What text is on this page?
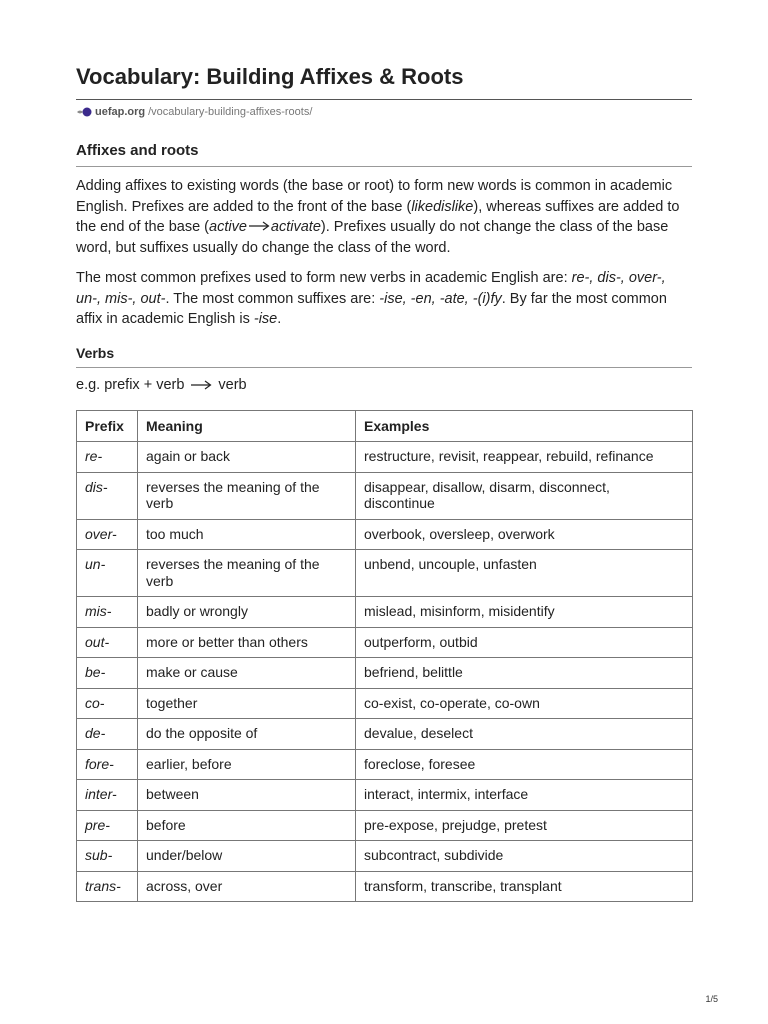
Vocabulary: Building Affixes & Roots
uefap.org /vocabulary-building-affixes-roots/
Affixes and roots

Adding affixes to existing words (the base or root) to form new words is common in academic English. Prefixes are added to the front of the base (likedislike), whereas suffixes are added to the end of the base (active activate). Prefixes usually do not change the class of the base word, but suffixes usually do change the class of the word.

The most common prefixes used to form new verbs in academic English are: re-, dis-, over-, un-, mis-, out-. The most common suffixes are: -ise, -en, -ate, -(i)fy. By far the most common affix in academic English is -ise.

Verbs
e.g. prefix + verb verb
Prefix	Meaning	Examples
re-	again or back	restructure, revisit, reappear, rebuild, refinance
dis-	reverses the meaning of the verb	disappear, disallow, disarm, disconnect, discontinue
over-	too much	overbook, oversleep, overwork
un-	reverses the meaning of the verb	unbend, uncouple, unfasten
mis-	badly or wrongly	mislead, misinform, misidentify
out-	more or better than others	outperform, outbid
be-	make or cause	befriend, belittle
co-	together	co-exist, co-operate, co-own
de-	do the opposite of	devalue, deselect
fore-	earlier, before	foreclose, foresee
inter-	between	interact, intermix, interface
pre-	before	pre-expose, prejudge, pretest
sub-	under/below	subcontract, subdivide
trans-	across, over	transform, transcribe, transplant
1/5
